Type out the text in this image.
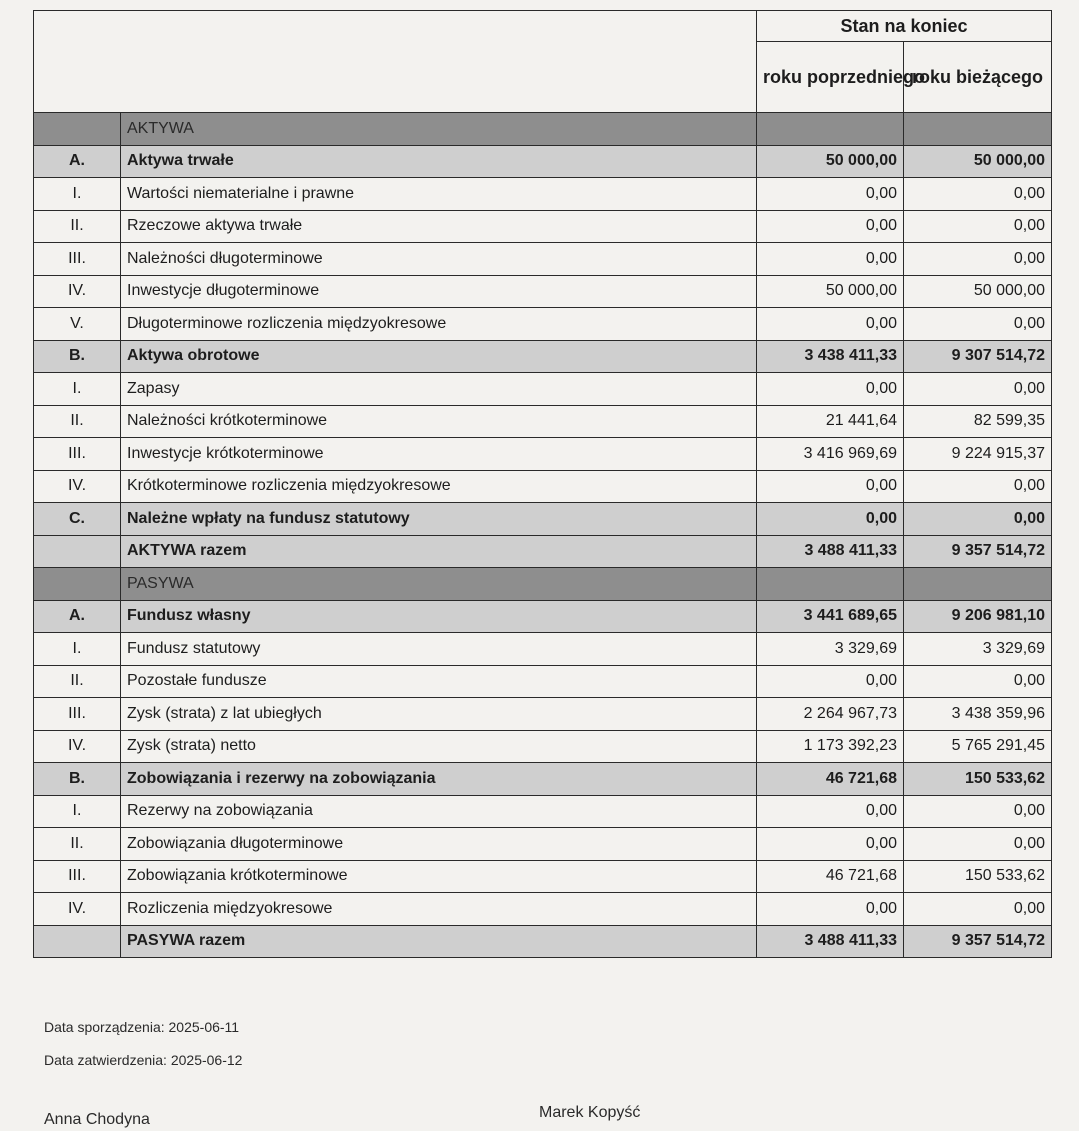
		Stan na koniec	
		roku poprzedniego	roku bieżącego
	AKTYWA		
A.	Aktywa trwałe	50 000,00	50 000,00
I.	Wartości niematerialne i prawne	0,00	0,00
II.	Rzeczowe aktywa trwałe	0,00	0,00
III.	Należności długoterminowe	0,00	0,00
IV.	Inwestycje długoterminowe	50 000,00	50 000,00
V.	Długoterminowe rozliczenia międzyokresowe	0,00	0,00
B.	Aktywa obrotowe	3 438 411,33	9 307 514,72
I.	Zapasy	0,00	0,00
II.	Należności krótkoterminowe	21 441,64	82 599,35
III.	Inwestycje krótkoterminowe	3 416 969,69	9 224 915,37
IV.	Krótkoterminowe rozliczenia międzyokresowe	0,00	0,00
C.	Należne wpłaty na fundusz statutowy	0,00	0,00
	AKTYWA razem	3 488 411,33	9 357 514,72
	PASYWA		
A.	Fundusz własny	3 441 689,65	9 206 981,10
I.	Fundusz statutowy	3 329,69	3 329,69
II.	Pozostałe fundusze	0,00	0,00
III.	Zysk (strata) z lat ubiegłych	2 264 967,73	3 438 359,96
IV.	Zysk (strata) netto	1 173 392,23	5 765 291,45
B.	Zobowiązania i rezerwy na zobowiązania	46 721,68	150 533,62
I.	Rezerwy na zobowiązania	0,00	0,00
II.	Zobowiązania długoterminowe	0,00	0,00
III.	Zobowiązania krótkoterminowe	46 721,68	150 533,62
IV.	Rozliczenia międzyokresowe	0,00	0,00
	PASYWA razem	3 488 411,33	9 357 514,72
Data sporządzenia: 2025-06-11
Data zatwierdzenia: 2025-06-12
Anna Chodyna	Marek Kopyść
